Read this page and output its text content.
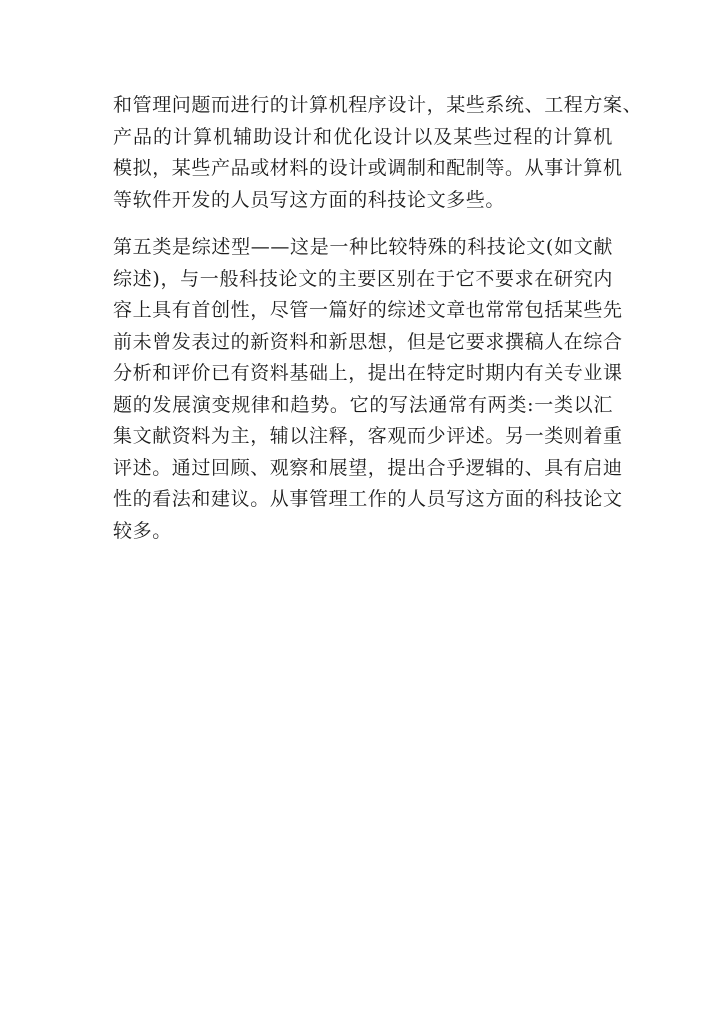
和管理问题而进行的计算机程序设计，某些系统、工程方案、
产品的计算机辅助设计和优化设计以及某些过程的计算机
模拟，某些产品或材料的设计或调制和配制等。从事计算机
等软件开发的人员写这方面的科技论文多些。

第五类是综述型——这是一种比较特殊的科技论文(如文献
综述)，与一般科技论文的主要区别在于它不要求在研究内
容上具有首创性，尽管一篇好的综述文章也常常包括某些先
前未曾发表过的新资料和新思想，但是它要求撰稿人在综合
分析和评价已有资料基础上，提出在特定时期内有关专业课
题的发展演变规律和趋势。它的写法通常有两类:一类以汇
集文献资料为主，辅以注释，客观而少评述。另一类则着重
评述。通过回顾、观察和展望，提出合乎逻辑的、具有启迪
性的看法和建议。从事管理工作的人员写这方面的科技论文
较多。
